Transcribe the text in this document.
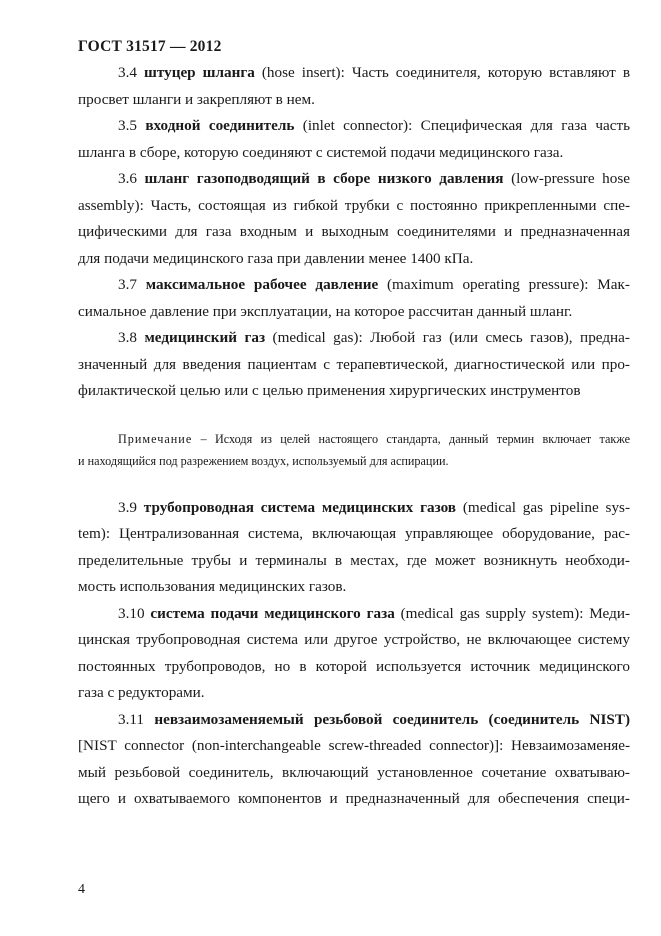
ГОСТ 31517 — 2012
3.4 штуцер шланга (hose insert): Часть соединителя, которую вставляют в
просвет шланги и закрепляют в нем.
3.5 входной соединитель (inlet connector): Специфическая для газа часть
шланга в сборе, которую соединяют с системой подачи медицинского газа.
3.6 шланг газоподводящий в сборе низкого давления (low-pressure hose
assembly): Часть, состоящая из гибкой трубки с постоянно прикрепленными спе-
цифическими для газа входным и выходным соединителями и предназначенная
для подачи медицинского газа при давлении менее 1400 кПа.
3.7 максимальное рабочее давление (maximum operating pressure): Мак-
симальное давление при эксплуатации, на которое рассчитан данный шланг.
3.8 медицинский газ (medical gas): Любой газ (или смесь газов), предна-
значенный для введения пациентам с терапевтической, диагностической или про-
филактической целью или с целью применения хирургических инструментов
Примечание – Исходя из целей настоящего стандарта, данный термин включает также
и находящийся под разрежением воздух, используемый для аспирации.
3.9 трубопроводная система медицинских газов (medical gas pipeline sys-
tem): Централизованная система, включающая управляющее оборудование, рас-
пределительные трубы и терминалы в местах, где может возникнуть необходи-
мость использования медицинских газов.
3.10 система подачи медицинского газа (medical gas supply system): Меди-
цинская трубопроводная система или другое устройство, не включающее систему
постоянных трубопроводов, но в которой используется источник медицинского
газа с редукторами.
3.11 невзаимозаменяемый резьбовой соединитель (соединитель NIST)
[NIST connector (non-interchangeable screw-threaded connector)]: Невзаимозаменяе-
мый резьбовой соединитель, включающий установленное сочетание охватываю-
щего и охватываемого компонентов и предназначенный для обеспечения специ-
4
